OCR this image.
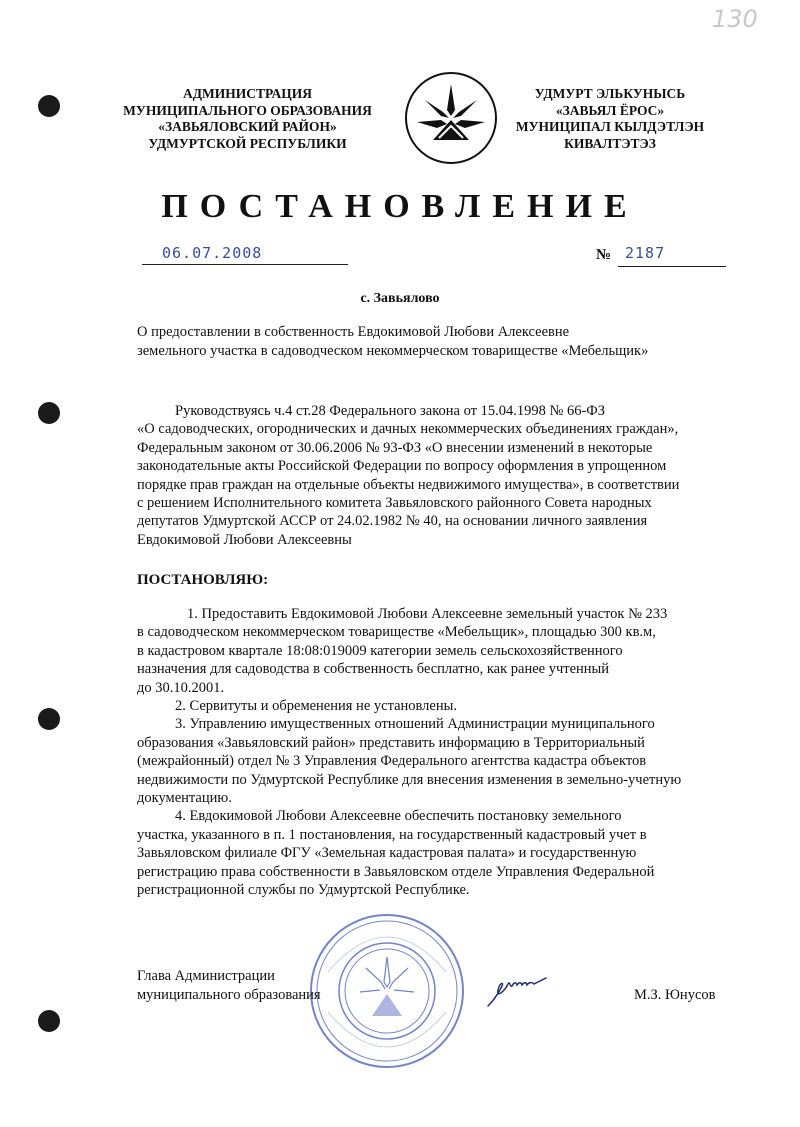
130
АДМИНИСТРАЦИЯ
МУНИЦИПАЛЬНОГО ОБРАЗОВАНИЯ
«ЗАВЬЯЛОВСКИЙ РАЙОН»
УДМУРТСКОЙ РЕСПУБЛИКИ
УДМУРТ ЭЛЬКУНЫСЬ
«ЗАВЬЯЛ ЁРОС»
МУНИЦИПАЛ КЫЛДЭТЛЭН
КИВАЛТЭТЭЗ
ПОСТАНОВЛЕНИЕ
06.07.2008	№ 2187
с. Завьялово
О предоставлении в собственность Евдокимовой Любови Алексеевне
земельного участка в садоводческом некоммерческом товариществе «Мебельщик»
Руководствуясь ч.4 ст.28 Федерального закона от 15.04.1998 № 66-ФЗ
«О садоводческих, огороднических и дачных некоммерческих объединениях граждан»,
Федеральным законом от 30.06.2006 № 93-ФЗ «О внесении изменений в некоторые
законодательные акты Российской Федерации по вопросу оформления в упрощенном
порядке прав граждан на отдельные объекты недвижимого имущества», в соответствии
с решением Исполнительного комитета Завьяловского районного Совета народных
депутатов Удмуртской АССР от 24.02.1982 № 40, на основании личного заявления
Евдокимовой Любови Алексеевны
ПОСТАНОВЛЯЮ:
1. Предоставить Евдокимовой Любови Алексеевне земельный участок № 233
в садоводческом некоммерческом товариществе «Мебельщик», площадью 300 кв.м,
в кадастровом квартале 18:08:019009 категории земель сельскохозяйственного
назначения для садоводства в собственность бесплатно, как ранее учтенный
до 30.10.2001.
2. Сервитуты и обременения не установлены.
3. Управлению имущественных отношений Администрации муниципального
образования «Завьяловский район» представить информацию в Территориальный
(межрайонный) отдел № 3 Управления Федерального агентства кадастра объектов
недвижимости по Удмуртской Республике для внесения изменения в земельно-учетную
документацию.
4. Евдокимовой Любови Алексеевне обеспечить постановку земельного
участка, указанного в п. 1 постановления, на государственный кадастровый учет в
Завьяловском филиале ФГУ «Земельная кадастровая палата» и государственную
регистрацию права собственности в Завьяловском отделе Управления Федеральной
регистрационной службы по Удмуртской Республике.
Глава Администрации
муниципального образования	М.З. Юнусов
